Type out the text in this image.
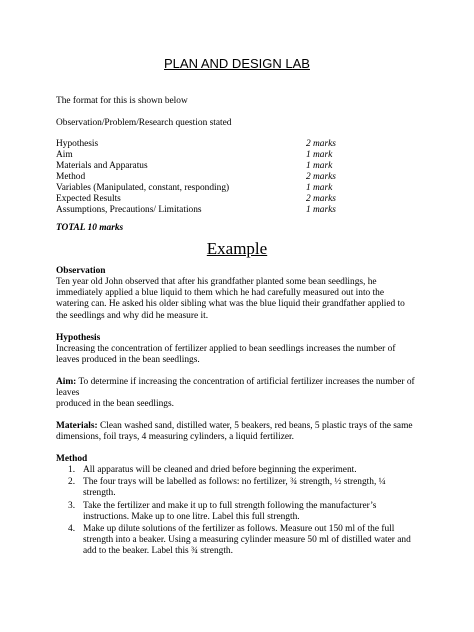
PLAN AND DESIGN LAB
The format for this is shown below
Observation/Problem/Research question stated
Hypothesis	2 marks
Aim	1 mark
Materials and Apparatus	1 mark
Method	2 marks
Variables (Manipulated, constant, responding)	1 mark
Expected Results	2 marks
Assumptions, Precautions/ Limitations	1 marks
TOTAL 10 marks
Example
Observation
Ten year old John observed that after his grandfather planted some bean seedlings, he immediately applied a blue liquid to them which he had carefully measured out into the watering can. He asked his older sibling what was the blue liquid their grandfather applied to the seedlings and why did he measure it.
Hypothesis
Increasing the concentration of fertilizer applied to bean seedlings increases the number of leaves produced in the bean seedlings.
Aim: To determine if increasing the concentration of artificial fertilizer increases the number of leaves
produced in the bean seedlings.
Materials: Clean washed sand, distilled water, 5 beakers, red beans, 5 plastic trays of the same dimensions, foil trays, 4 measuring cylinders, a liquid fertilizer.
Method
1. All apparatus will be cleaned and dried before beginning the experiment.
2. The four trays will be labelled as follows: no fertilizer, ¾ strength, ½ strength, ¼ strength.
3. Take the fertilizer and make it up to full strength following the manufacturer’s instructions. Make up to one litre. Label this full strength.
4. Make up dilute solutions of the fertilizer as follows. Measure out 150 ml of the full strength into a beaker. Using a measuring cylinder measure 50 ml of distilled water and add to the beaker. Label this ¾ strength.
